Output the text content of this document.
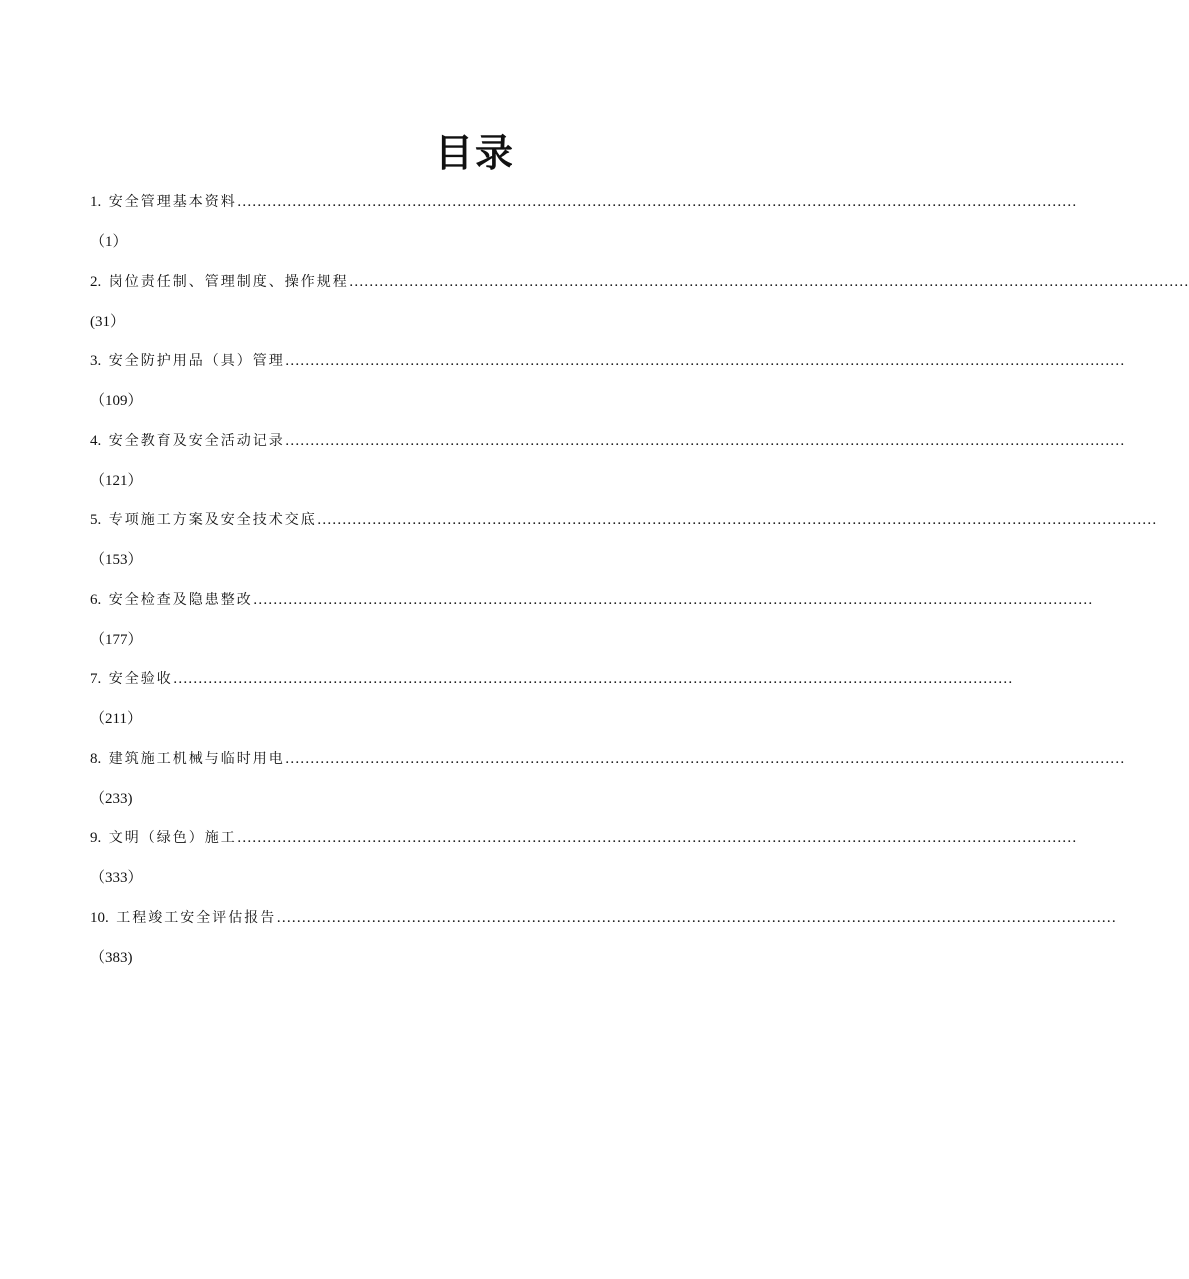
目录
1.
安全管理基本资料 ……………………………………………………………………………………………………………………………………………………
（1）
2.
岗位责任制、管理制度、操作规程 ……………………………………………………………………………………………………………………………………………………
(31）
3.
安全防护用品（具）管理 ……………………………………………………………………………………………………………………………………………………
（109）
4.
安全教育及安全活动记录 ……………………………………………………………………………………………………………………………………………………
（121）
5.
专项施工方案及安全技术交底 ……………………………………………………………………………………………………………………………………………………
（153）
6.
安全检查及隐患整改 ……………………………………………………………………………………………………………………………………………………
（177）
7.
安全验收 ……………………………………………………………………………………………………………………………………………………
（211）
8.
建筑施工机械与临时用电 ……………………………………………………………………………………………………………………………………………………
（233)
9.
文明（绿色）施工 ……………………………………………………………………………………………………………………………………………………
（333）
10.
工程竣工安全评估报告 ……………………………………………………………………………………………………………………………………………………
（383)
